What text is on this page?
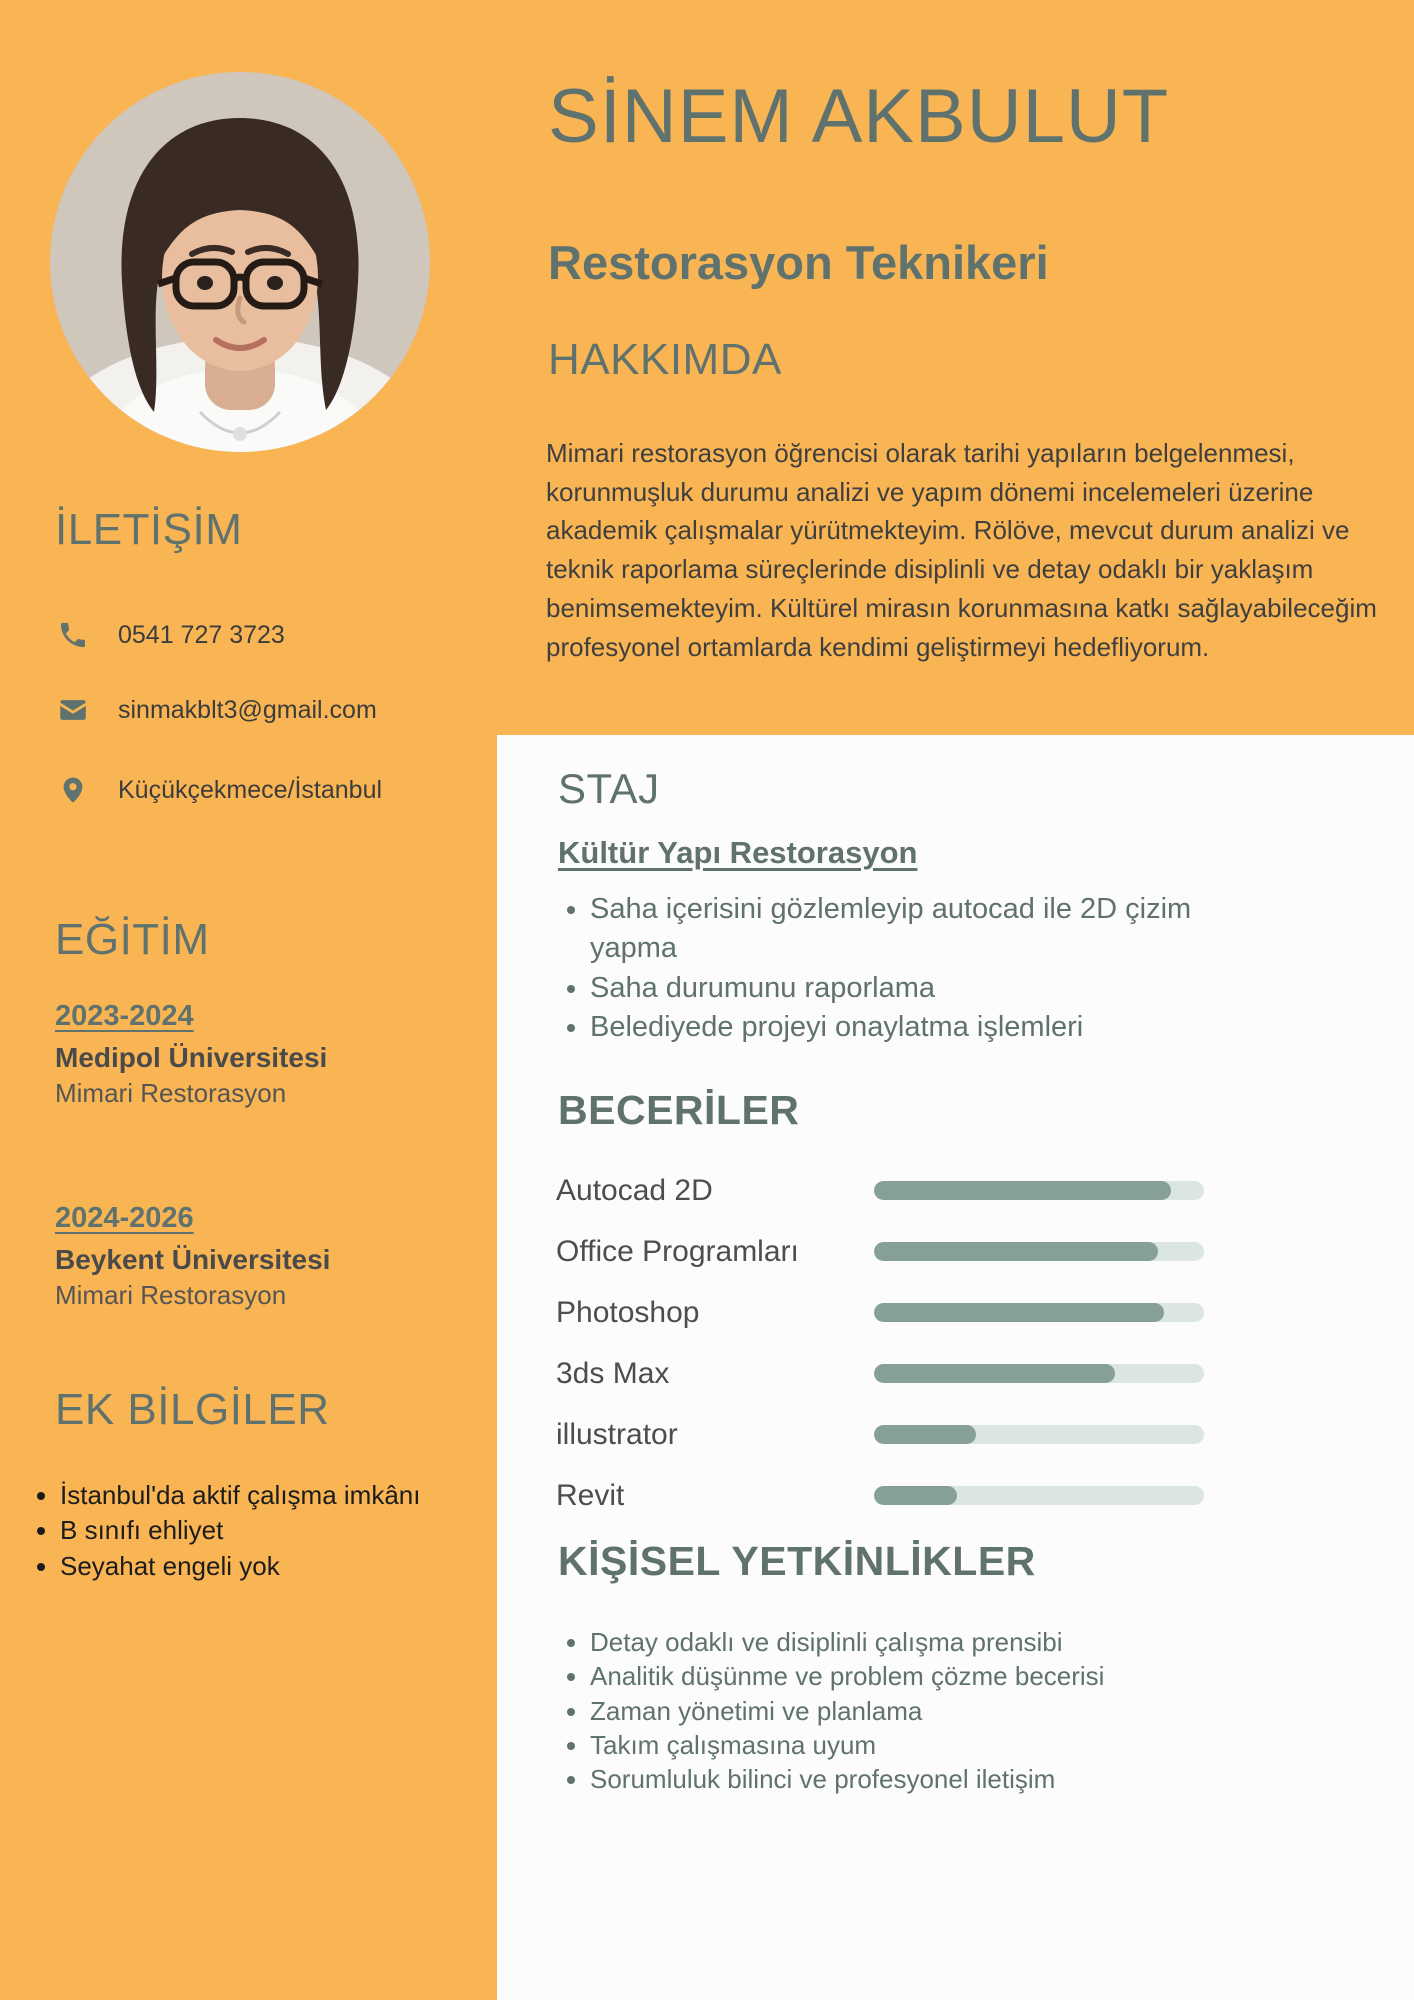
İLETİŞİM
0541 727 3723
sinmakblt3@gmail.com
Küçükçekmece/İstanbul
EĞİTİM
2023-2024
Medipol Üniversitesi
Mimari Restorasyon
2024-2026
Beykent Üniversitesi
Mimari Restorasyon
EK BİLGİLER
• İstanbul'da aktif çalışma imkânı
• B sınıfı ehliyet
• Seyahat engeli yok
SİNEM AKBULUT
Restorasyon Teknikeri
HAKKIMDA
Mimari restorasyon öğrencisi olarak tarihi yapıların belgelenmesi, korunmuşluk durumu analizi ve yapım dönemi incelemeleri üzerine akademik çalışmalar yürütmekteyim. Rölöve, mevcut durum analizi ve teknik raporlama süreçlerinde disiplinli ve detay odaklı bir yaklaşım benimsemekteyim. Kültürel mirasın korunmasına katkı sağlayabileceğim profesyonel ortamlarda kendimi geliştirmeyi hedefliyorum.
STAJ
Kültür Yapı Restorasyon
• Saha içerisini gözlemleyip autocad ile 2D çizim yapma
• Saha durumunu raporlama
• Belediyede projeyi onaylatma işlemleri
BECERİLER
Autocad 2D
Office Programları
Photoshop
3ds Max
illustrator
Revit
KİŞİSEL YETKİNLİKLER
• Detay odaklı ve disiplinli çalışma prensibi
• Analitik düşünme ve problem çözme becerisi
• Zaman yönetimi ve planlama
• Takım çalışmasına uyum
• Sorumluluk bilinci ve profesyonel iletişim
